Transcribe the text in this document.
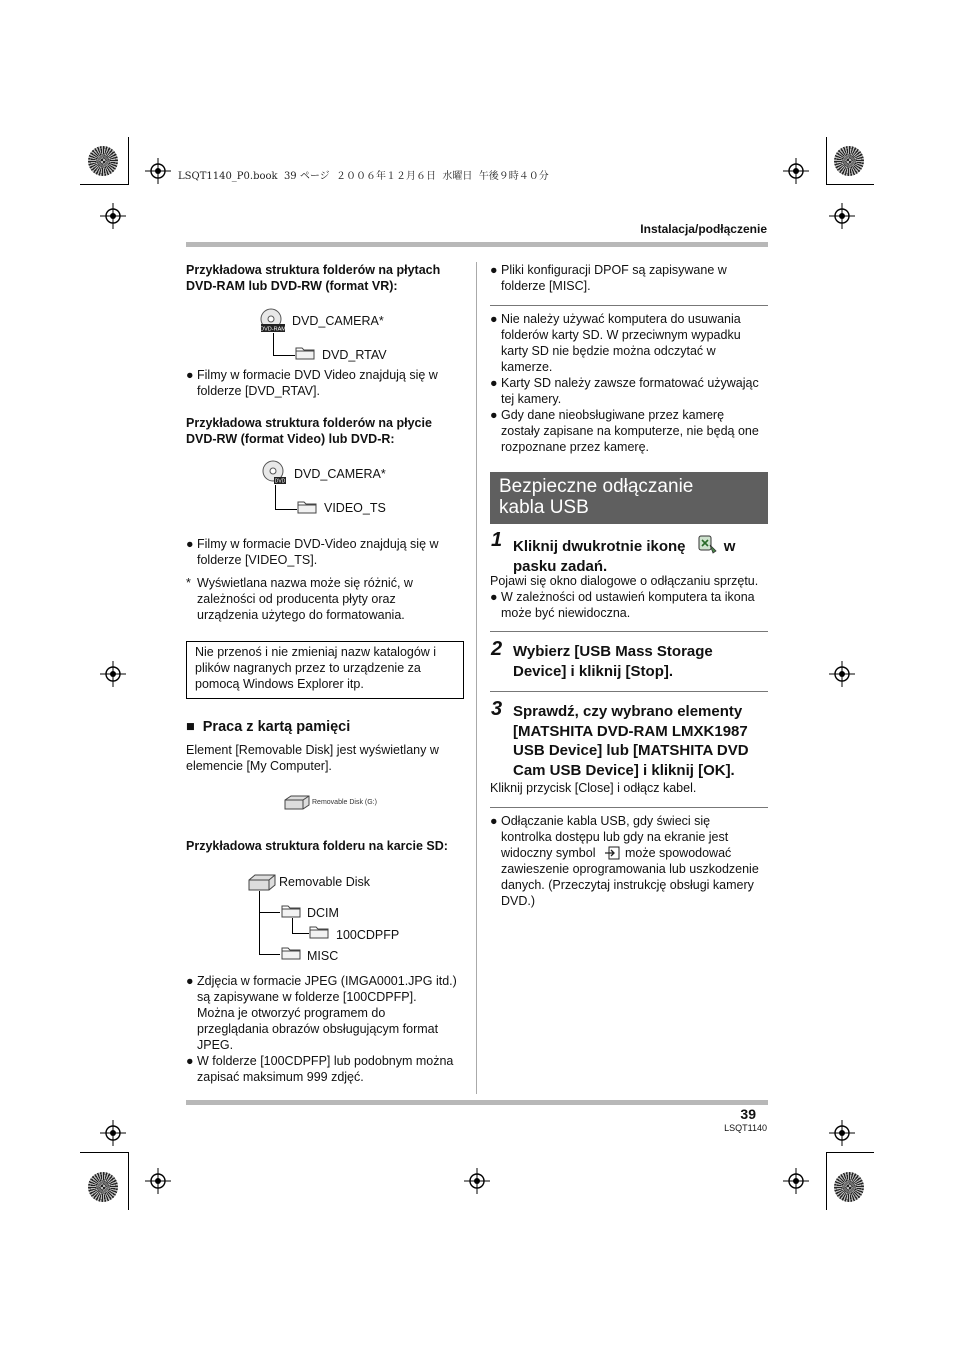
LSQT1140_P0.book  39 ページ  ２００６年１２月６日  水曜日  午後９時４０分
Instalacja/podłączenie
Przykładowa struktura folderów na płytach
DVD-RAM lub DVD-RW (format VR):
DVD-RAM
DVD_CAMERA*
DVD_RTAV
● Filmy w formacie DVD Video znajdują się w
folderze [DVD_RTAV].
Przykładowa struktura folderów na płycie
DVD-RW (format Video) lub DVD-R:
DVD
DVD_CAMERA*
VIDEO_TS
● Filmy w formacie DVD-Video znajdują się w
folderze [VIDEO_TS].
* Wyświetlana nazwa może się różnić, w
zależności od producenta płyty oraz
urządzenia użytego do formatowania.
Nie przenoś i nie zmieniaj nazw katalogów i
plików nagranych przez to urządzenie za
pomocą Windows Explorer itp.
■ Praca z kartą pamięci
Element [Removable Disk] jest wyświetlany w
elemencie [My Computer].
Removable Disk (G:)
Przykładowa struktura folderu na karcie SD:
Removable Disk
DCIM
100CDPFP
MISC
● Zdjęcia w formacie JPEG (IMGA0001.JPG itd.)
są zapisywane w folderze [100CDPFP].
Można je otworzyć programem do
przeglądania obrazów obsługującym format
JPEG.
● W folderze [100CDPFP] lub podobnym można
zapisać maksimum 999 zdjęć.
● Pliki konfiguracji DPOF są zapisywane w
folderze [MISC].
● Nie należy używać komputera do usuwania
folderów karty SD. W przeciwnym wypadku
karty SD nie będzie można odczytać w
kamerze.
● Karty SD należy zawsze formatować używając
tej kamery.
● Gdy dane nieobsługiwane przez kamerę
zostały zapisane na komputerze, nie będą one
rozpoznane przez kamerę.
Bezpieczne odłączanie
kabla USB
1 Kliknij dwukrotnie ikonę	w
pasku zadań.
Pojawi się okno dialogowe o odłączaniu sprzętu.
● W zależności od ustawień komputera ta ikona
może być niewidoczna.
2 Wybierz [USB Mass Storage
Device] i kliknij [Stop].
3 Sprawdź, czy wybrano elementy
[MATSHITA DVD-RAM LMXK1987
USB Device] lub [MATSHITA DVD
Cam USB Device] i kliknij [OK].
Kliknij przycisk [Close] i odłącz kabel.
● Odłączanie kabla USB, gdy świeci się
kontrolka dostępu lub gdy na ekranie jest
widoczny symbol może spowodować
zawieszenie oprogramowania lub uszkodzenie
danych. (Przeczytaj instrukcję obsługi kamery
DVD.)
39
LSQT1140
